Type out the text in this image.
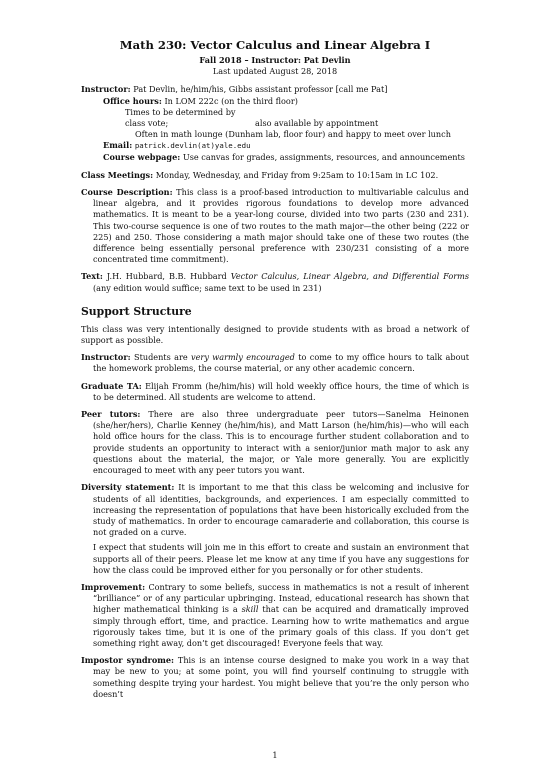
Math 230: Vector Calculus and Linear Algebra I
Fall 2018 – Instructor: Pat Devlin
Last updated August 28, 2018
Instructor: Pat Devlin, he/him/his, Gibbs assistant professor [call me Pat]
Office hours: In LOM 222c (on the third floor)
Times to be determined by class vote;	also available by appointment
Often in math lounge (Dunham lab, floor four) and happy to meet over lunch
Email: patrick.devlin(at)yale.edu
Course webpage: Use canvas for grades, assignments, resources, and announcements
Class Meetings: Monday, Wednesday, and Friday from 9:25am to 10:15am in LC 102.
Course Description: This class is a proof-based introduction to multivariable calculus and linear algebra, and it provides rigorous foundations to develop more advanced mathematics. It is meant to be a year-long course, divided into two parts (230 and 231). This two-course sequence is one of two routes to the math major—the other being (222 or 225) and 250. Those considering a math major should take one of these two routes (the difference being essentially personal preference with 230/231 consisting of a more concentrated time commitment).
Text: J.H. Hubbard, B.B. Hubbard Vector Calculus, Linear Algebra, and Differential Forms (any edition would suffice; same text to be used in 231)
Support Structure
This class was very intentionally designed to provide students with as broad a network of support as possible.
Instructor: Students are very warmly encouraged to come to my office hours to talk about the homework problems, the course material, or any other academic concern.
Graduate TA: Elijah Fromm (he/him/his) will hold weekly office hours, the time of which is to be determined. All students are welcome to attend.
Peer tutors: There are also three undergraduate peer tutors—Sanelma Heinonen (she/her/hers), Charlie Kenney (he/him/his), and Matt Larson (he/him/his)—who will each hold office hours for the class. This is to encourage further student collaboration and to provide students an opportunity to interact with a senior/junior math major to ask any questions about the material, the major, or Yale more generally. You are explicitly encouraged to meet with any peer tutors you want.
Diversity statement: It is important to me that this class be welcoming and inclusive for students of all identities, backgrounds, and experiences. I am especially committed to increasing the representation of populations that have been historically excluded from the study of mathematics. In order to encourage camaraderie and collaboration, this course is not graded on a curve.
I expect that students will join me in this effort to create and sustain an environment that supports all of their peers. Please let me know at any time if you have any suggestions for how the class could be improved either for you personally or for other students.
Improvement: Contrary to some beliefs, success in mathematics is not a result of inherent “brilliance” or of any particular upbringing. Instead, educational research has shown that higher mathematical thinking is a skill that can be acquired and dramatically improved simply through effort, time, and practice. Learning how to write mathematics and argue rigorously takes time, but it is one of the primary goals of this class. If you don’t get something right away, don’t get discouraged! Everyone feels that way.
Impostor syndrome: This is an intense course designed to make you work in a way that may be new to you; at some point, you will find yourself continuing to struggle with something despite trying your hardest. You might believe that you’re the only person who doesn’t
1
